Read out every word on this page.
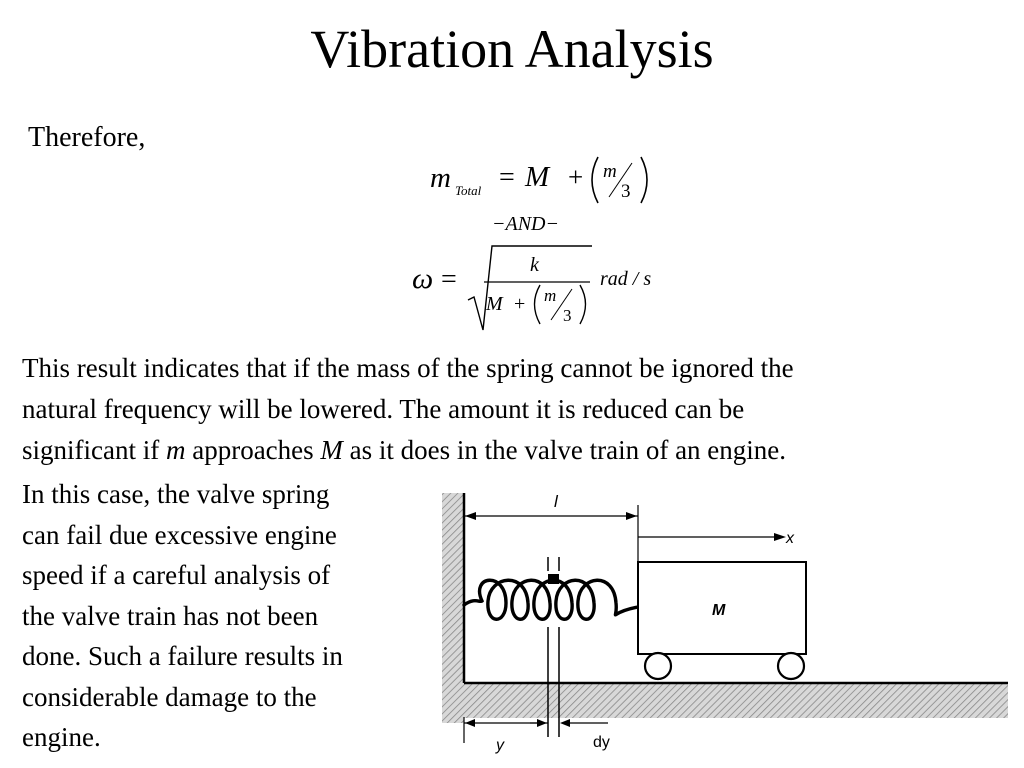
Vibration Analysis
Therefore,
m Total = M + m
3
−AND−
ω =	k
M + m
3
rad / s
This result indicates that if the mass of the spring cannot be ignored the
natural frequency will be lowered. The amount it is reduced can be
significant if m approaches M as it does in the valve train of an engine.
In this case, the valve spring
can fail due excessive engine
speed if a careful analysis of
the valve train has not been
done. Such a failure results in
considerable damage to the
engine.
l
x
M
y	dy
